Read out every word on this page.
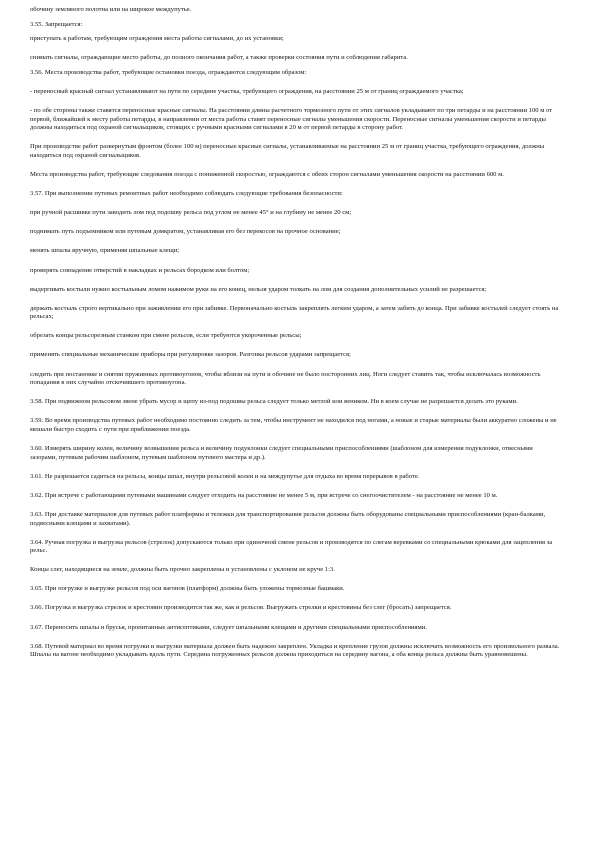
обочину земляного полотна или на широкое междупутье.

3.55. Запрещается:

приступать к работам, требующим ограждения места работы сигналами, до их установки;

снимать сигналы, ограждающие место работы, до полного окончания работ, а также проверки состояния пути и соблюдения габарита.

3.56. Места производства работ, требующие остановки поезда, ограждаются следующим образом:

- переносный красный сигнал устанавливают на пути по середине участка, требующего ограждения, на расстоянии 25 м от границ ограждаемого участка;

- по обе стороны также ставятся переносные красные сигналы. На расстоянии длины расчетного тормозного пути от этих сигналов укладывают по три петарды и на расстоянии 100 м от первой, ближайшей к месту работы петарды, в направлении от места работы ставят переносные сигналы уменьшения скорости. Переносные сигналы уменьшения скорости и петарды должны находиться под охраной сигнальщиков, стоящих с ручными красными сигналами в 20 м от первой петарды в сторону работ.

При производстве работ развернутым фронтом (более 100 м) переносные красные сигналы, устанавливаемые на расстоянии 25 м от границ участка, требующего ограждения, должны находиться под охраной сигнальщиков.

Места производства работ, требующие следования поезда с пониженной скоростью, ограждаются с обеих сторон сигналами уменьшения скорости на расстоянии 600 м.

3.57. При выполнении путевых ремонтных работ необходимо соблюдать следующие требования безопасности:

при ручной расшивке пути заводить лом под подошву рельса под углом не менее 45° и на глубину не менее 20 см;

поднимать путь подъемником или путевым домкратом, устанавливая его без перекосов на прочное основание;

менять шпалы вручную, применяя шпальные клещи;

проверять совпадение отверстий в накладках и рельсах бородком или болтом;

выдергивать костыли нужно костыльным ломом нажимом руки на его конец, нельзя ударом толкать на лом для создания дополнительных усилий не разрешается;

держать костыль строго вертикально при заживлении его при забивке. Первоначально костыль закреплять легким ударом, а затем забить до конца. При забивке костылей следует стоять на рельсах;

обрезать концы рельсорезным станком при смене рельсов, если требуются укороченные рельсы;

применять специальные механические приборы при регулировке зазоров. Разгонка рельсов ударами запрещается;

следить при постановке и снятии пружинных противоугонов, чтобы вблизи на пути и обочине не было посторонних лиц. Ноги следует ставить так, чтобы исключалась возможность попадания в них случайно отскочившего противоугона.

3.58. При подвижном рельсовом звене убрать мусор и щепу из-под подошвы рельса следует только метлой или веником. Ни в коем случае не разрешается делать это руками.

3.59. Во время производства путевых работ необходимо постоянно следить за тем, чтобы инструмент не находился под ногами, а новые и старые материалы были аккуратно сложены и не мешали быстро сходить с пути при приближении поезда.

3.60. Измерять ширину колеи, величину возвышения рельса и величину подуклонки следует специальными приспособлениями (шаблоном для измерения подуклонки, отвесными зазорами, путевым рабочим шаблоном, путевым шаблоном путевого мастера и др.).

3.61. Не разрешается садиться на рельсы, концы шпал, внутри рельсовой колеи и на междупутье для отдыха во время перерывов в работе.

3.62. При встрече с работающими путевыми машинами следует отходить на расстояние не менее 5 м, при встрече со снегоочистителем - на расстояние не менее 10 м.

3.63. При доставке материалов для путевых работ платформы и тележки для транспортирования рельсов должны быть оборудованы специальными приспособлениями (кран-балками, подвесными клещами и захватами).

3.64. Ручная погрузка и выгрузка рельсов (стрелок) допускаются только при одиночной смене рельсов и производятся по слегам веревками со специальными крюками для зацепления за рельс.

Концы слег, находящиеся на земле, должны быть прочно закреплены и установлены с уклоном не круче 1:3.

3.65. При погрузке и выгрузке рельсов под оси вагонов (платформ) должны быть уложены тормозные башмаки.

3.66. Погрузка и выгрузка стрелок и крестовин производится так же, как и рельсов. Выгружать стрелки и крестовины без слег (бросать) запрещается.

3.67. Переносить шпалы и брусья, пропитанные антисептиками, следует шпальными клещами и другими специальными приспособлениями.

3.68. Путевой материал во время погрузки и выгрузки материала должен быть надежно закреплен. Укладка и крепление грузов должны исключать возможность его произвольного развала. Шпалы на вагоне необходимо укладывать вдоль пути. Середина погруженных рельсов должна приходиться на середину вагона, а оба конца рельса должны быть уравновешены.
